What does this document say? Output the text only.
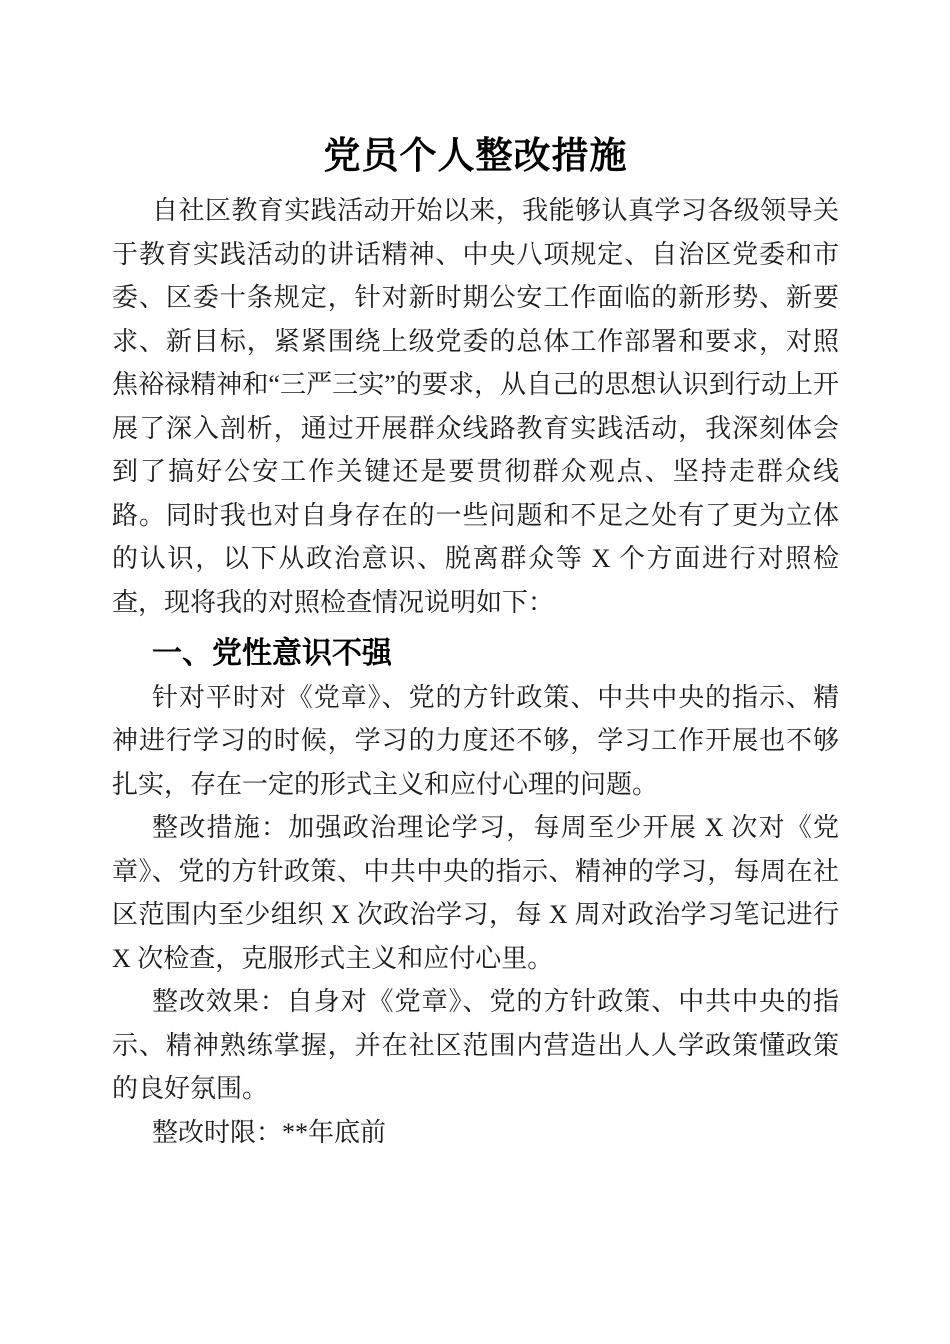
党员个人整改措施

自社区教育实践活动开始以来，我能够认真学习各级领导关于教育实践活动的讲话精神、中央八项规定、自治区党委和市委、区委十条规定，针对新时期公安工作面临的新形势、新要求、新目标，紧紧围绕上级党委的总体工作部署和要求，对照焦裕禄精神和“三严三实”的要求，从自己的思想认识到行动上开展了深入剖析，通过开展群众线路教育实践活动，我深刻体会到了搞好公安工作关键还是要贯彻群众观点、坚持走群众线路。同时我也对自身存在的一些问题和不足之处有了更为立体的认识，以下从政治意识、脱离群众等 X 个方面进行对照检查，现将我的对照检查情况说明如下：

一、党性意识不强

针对平时对《党章》、党的方针政策、中共中央的指示、精神进行学习的时候，学习的力度还不够，学习工作开展也不够扎实，存在一定的形式主义和应付心理的问题。

整改措施：加强政治理论学习，每周至少开展 X 次对《党章》、党的方针政策、中共中央的指示、精神的学习，每周在社区范围内至少组织 X 次政治学习，每 X 周对政治学习笔记进行 X 次检查，克服形式主义和应付心里。

整改效果：自身对《党章》、党的方针政策、中共中央的指示、精神熟练掌握，并在社区范围内营造出人人学政策懂政策的良好氛围。

整改时限：**年底前
